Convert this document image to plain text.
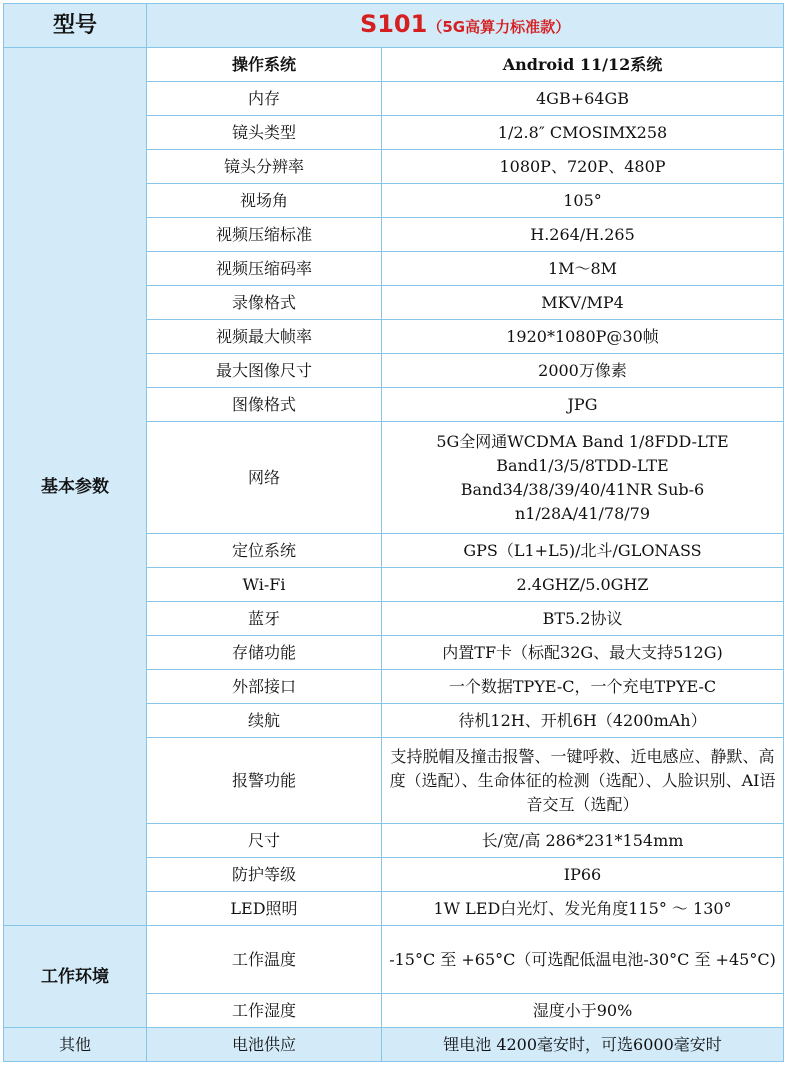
型号	S101（5G高算力标准款）	
基本参数	操作系统	Android 11/12系统
	内存	4GB+64GB
	镜头类型	1/2.8″ CMOSIMX258
	镜头分辨率	1080P、720P、480P
	视场角	105°
	视频压缩标准	H.264/H.265
	视频压缩码率	1M～8M
	录像格式	MKV/MP4
	视频最大帧率	1920*1080P@30帧
	最大图像尺寸	2000万像素
	图像格式	JPG
	网络	5G全网通WCDMA Band 1/8FDD-LTE Band1/3/5/8TDD-LTE Band34/38/39/40/41NR Sub-6 n1/28A/41/78/79
	定位系统	GPS（L1+L5)/北斗/GLONASS
	Wi-Fi	2.4GHZ/5.0GHZ
	蓝牙	BT5.2协议
	存储功能	内置TF卡（标配32G、最大支持512G)
	外部接口	一个数据TPYE-C，一个充电TPYE-C
	续航	待机12H、开机6H（4200mAh）
	报警功能	支持脱帽及撞击报警、一键呼救、近电感应、静默、高度（选配）、生命体征的检测（选配）、人脸识别、AI语音交互（选配）
	尺寸	长/宽/高 286*231*154mm
	防护等级	IP66
	LED照明	1W LED白光灯、发光角度115° ～ 130°
工作环境	工作温度	-15°C 至 +65°C（可选配低温电池-30°C 至 +45°C)
	工作湿度	湿度小于90%
其他	电池供应	锂电池 4200毫安时，可选6000毫安时
